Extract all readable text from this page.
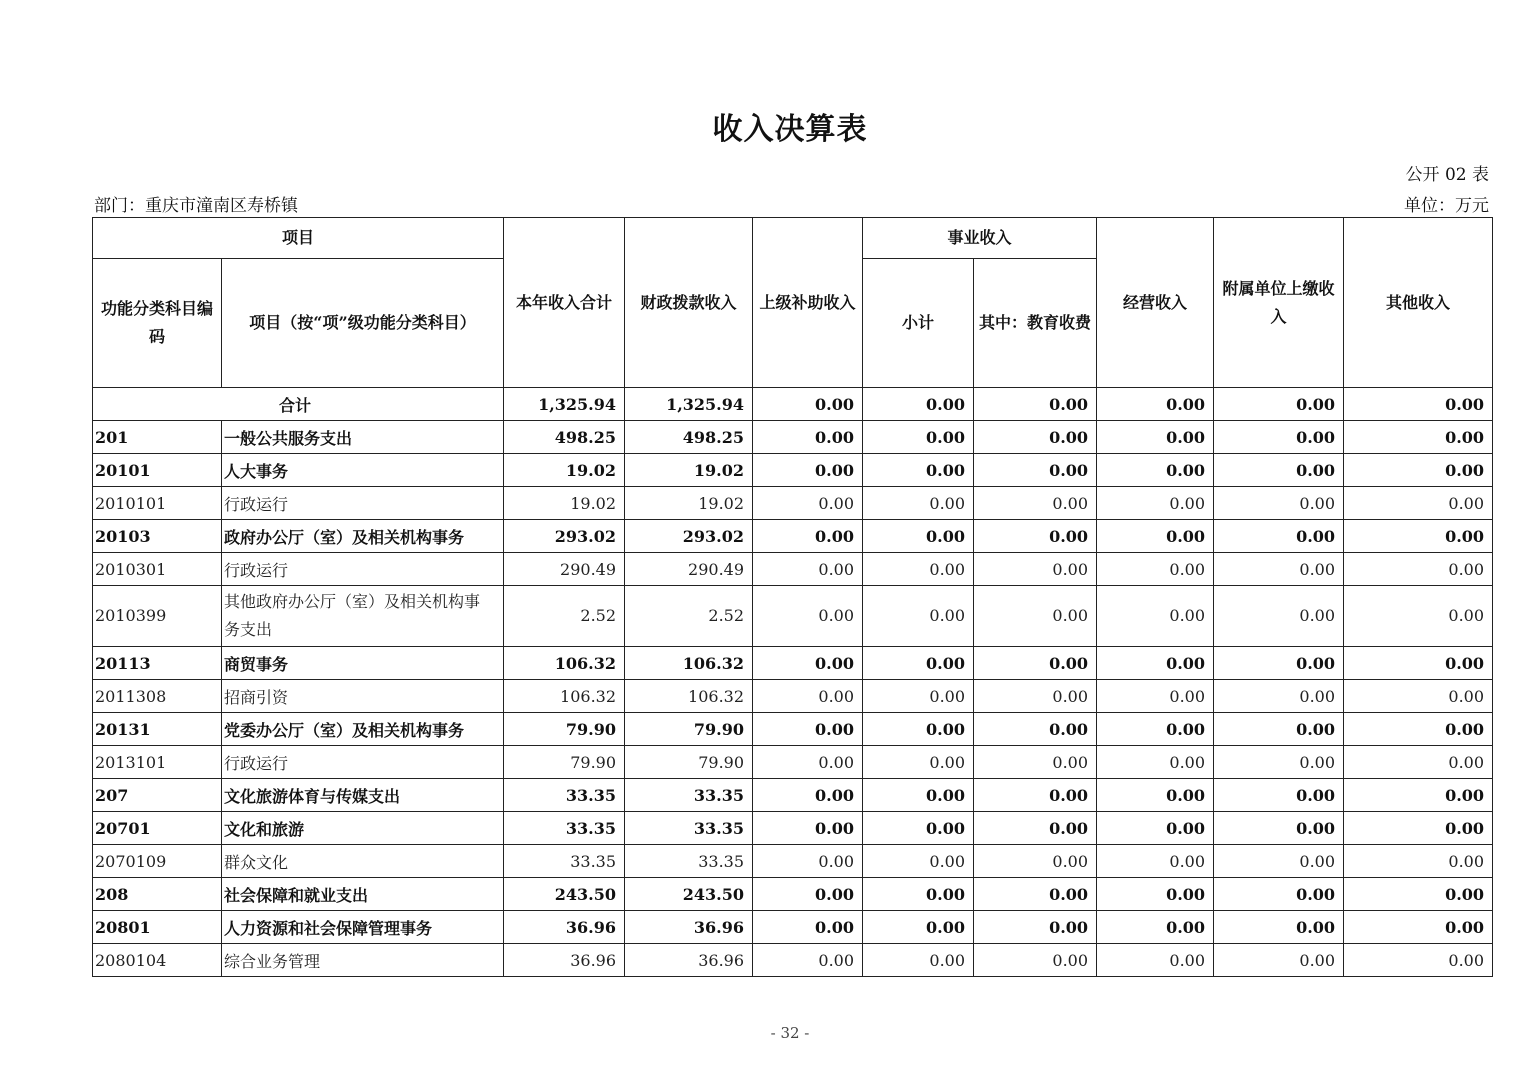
收入决算表
公开 02 表
部门：重庆市潼南区寿桥镇	单位：万元
项目		本年收入合计	财政拨款收入	上级补助收入	事业收入		经营收入	附属单位上缴收入	其他收入
功能分类科目编码	项目（按“项”级功能分类科目）				小计	其中：教育收费			
合计		1,325.94	1,325.94	0.00	0.00	0.00	0.00	0.00	0.00
201	一般公共服务支出	498.25	498.25	0.00	0.00	0.00	0.00	0.00	0.00
20101	人大事务	19.02	19.02	0.00	0.00	0.00	0.00	0.00	0.00
2010101	行政运行	19.02	19.02	0.00	0.00	0.00	0.00	0.00	0.00
20103	政府办公厅（室）及相关机构事务	293.02	293.02	0.00	0.00	0.00	0.00	0.00	0.00
2010301	行政运行	290.49	290.49	0.00	0.00	0.00	0.00	0.00	0.00
2010399	其他政府办公厅（室）及相关机构事务支出	2.52	2.52	0.00	0.00	0.00	0.00	0.00	0.00
20113	商贸事务	106.32	106.32	0.00	0.00	0.00	0.00	0.00	0.00
2011308	招商引资	106.32	106.32	0.00	0.00	0.00	0.00	0.00	0.00
20131	党委办公厅（室）及相关机构事务	79.90	79.90	0.00	0.00	0.00	0.00	0.00	0.00
2013101	行政运行	79.90	79.90	0.00	0.00	0.00	0.00	0.00	0.00
207	文化旅游体育与传媒支出	33.35	33.35	0.00	0.00	0.00	0.00	0.00	0.00
20701	文化和旅游	33.35	33.35	0.00	0.00	0.00	0.00	0.00	0.00
2070109	群众文化	33.35	33.35	0.00	0.00	0.00	0.00	0.00	0.00
208	社会保障和就业支出	243.50	243.50	0.00	0.00	0.00	0.00	0.00	0.00
20801	人力资源和社会保障管理事务	36.96	36.96	0.00	0.00	0.00	0.00	0.00	0.00
2080104	综合业务管理	36.96	36.96	0.00	0.00	0.00	0.00	0.00	0.00
- 32 -
